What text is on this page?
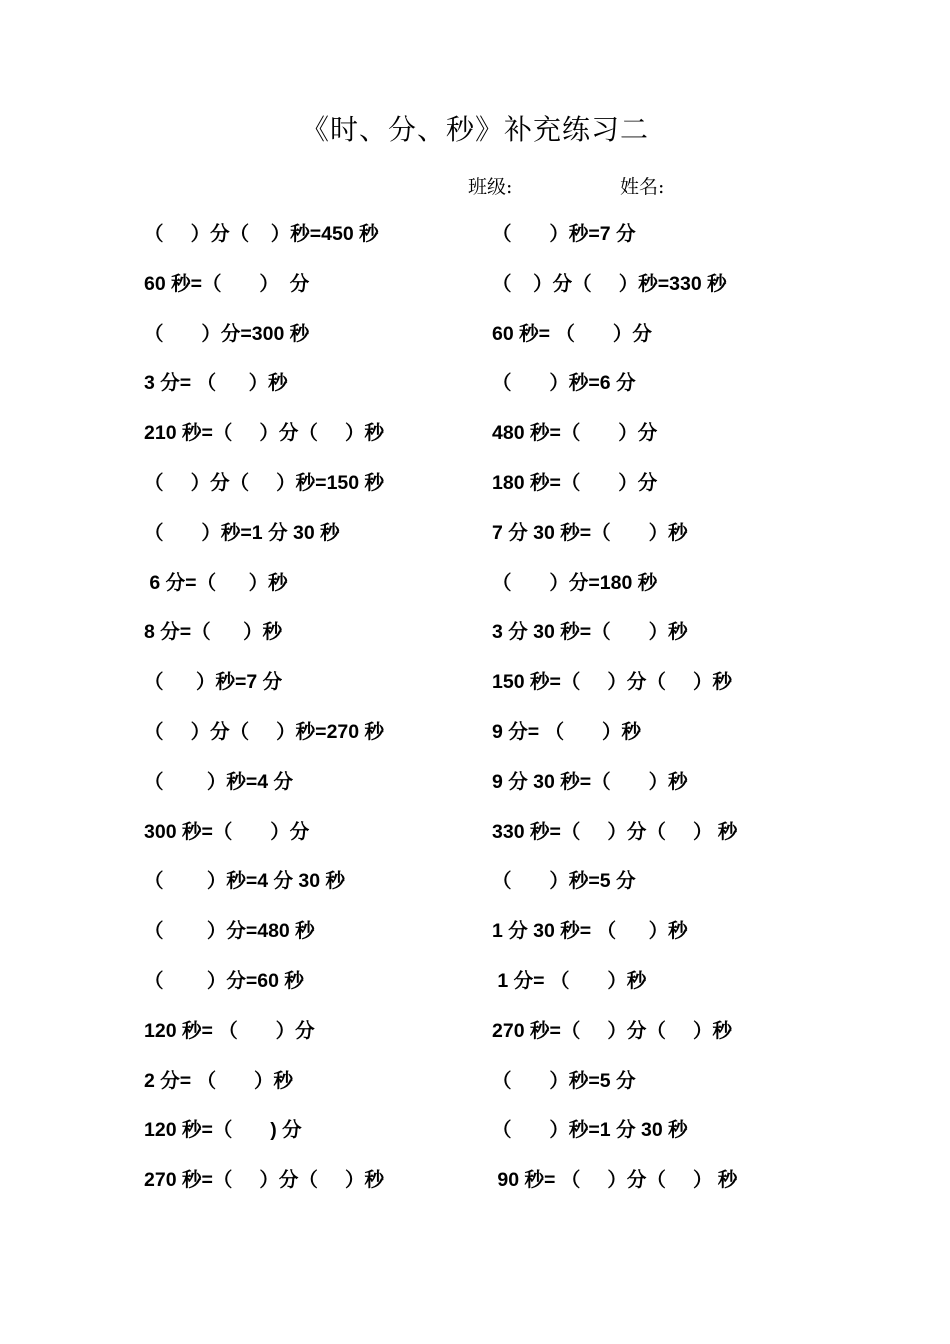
《时、分、秒》补充练习二
班级:	姓名:
（     ）分（    ）秒=450 秒	（       ）秒=7 分
60 秒=（       ）  分	（    ）分（     ）秒=330 秒
（       ）分=300 秒	60 秒= （       ）分
3 分= （      ）秒	（       ）秒=6 分
210 秒=（     ）分（     ）秒	480 秒=（       ）分
（     ）分（     ）秒=150 秒	180 秒=（       ）分
（       ）秒=1 分 30 秒	7 分 30 秒=（       ）秒
6 分=（      ）秒	（       ）分=180 秒
8 分=（      ）秒	3 分 30 秒=（       ）秒
（      ）秒=7 分	150 秒=（     ）分（     ）秒
（     ）分（     ）秒=270 秒	9 分= （       ）秒
（        ）秒=4 分	9 分 30 秒=（       ）秒
300 秒=（       ）分	330 秒=（     ）分（     ） 秒
（        ）秒=4 分 30 秒	（       ）秒=5 分
（        ）分=480 秒	1 分 30 秒= （      ）秒
（        ）分=60 秒	1 分= （       ）秒
120 秒= （       ）分	270 秒=（     ）分（     ）秒
2 分= （       ）秒	（       ）秒=5 分
120 秒=（       ) 分	（       ）秒=1 分 30 秒
270 秒=（     ）分（     ）秒	90 秒= （     ）分（     ） 秒
